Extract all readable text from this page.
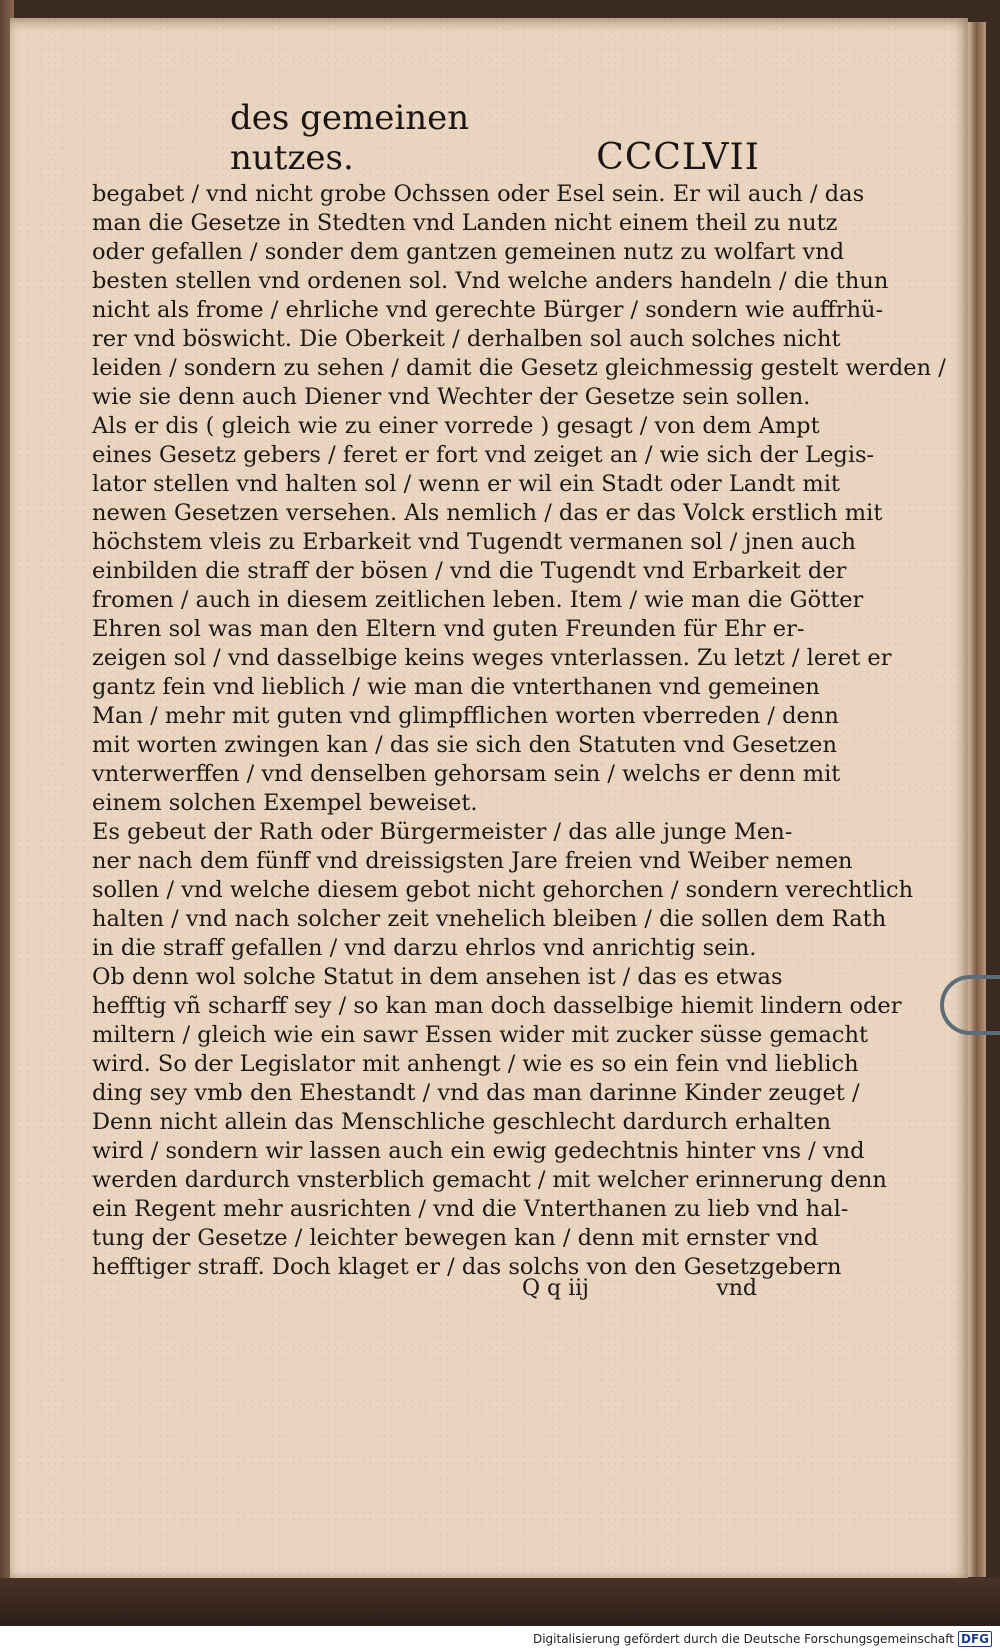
des gemeinen nutzes.	CCCLVII
begabet / vnd nicht grobe Ochssen oder Esel sein. Er wil auch / das
man die Gesetze in Stedten vnd Landen nicht einem theil zu nutz
oder gefallen / sonder dem gantzen gemeinen nutz zu wolfart vnd
besten stellen vnd ordenen sol. Vnd welche anders handeln / die thun
nicht als frome / ehrliche vnd gerechte Bürger / sondern wie auffrhü-
rer vnd böswicht. Die Oberkeit / derhalben sol auch solches nicht
leiden / sondern zu sehen / damit die Gesetz gleichmessig gestelt werden /
wie sie denn auch Diener vnd Wechter der Gesetze sein sollen.
Als er dis ( gleich wie zu einer vorrede ) gesagt / von dem Ampt
eines Gesetz gebers / feret er fort vnd zeiget an / wie sich der Legis-
lator stellen vnd halten sol / wenn er wil ein Stadt oder Landt mit
newen Gesetzen versehen. Als nemlich / das er das Volck erstlich mit
höchstem vleis zu Erbarkeit vnd Tugendt vermanen sol / jnen auch
einbilden die straff der bösen / vnd die Tugendt vnd Erbarkeit der
fromen / auch in diesem zeitlichen leben. Item / wie man die Götter
Ehren sol was man den Eltern vnd guten Freunden für Ehr er-
zeigen sol / vnd dasselbige keins weges vnterlassen. Zu letzt / leret er
gantz fein vnd lieblich / wie man die vnterthanen vnd gemeinen
Man / mehr mit guten vnd glimpfflichen worten vberreden / denn
mit worten zwingen kan / das sie sich den Statuten vnd Gesetzen
vnterwerffen / vnd denselben gehorsam sein / welchs er denn mit
einem solchen Exempel beweiset.
Es gebeut der Rath oder Bürgermeister / das alle junge Men-
ner nach dem fünff vnd dreissigsten Jare freien vnd Weiber nemen
sollen / vnd welche diesem gebot nicht gehorchen / sondern verechtlich
halten / vnd nach solcher zeit vnehelich bleiben / die sollen dem Rath
in die straff gefallen / vnd darzu ehrlos vnd anrichtig sein.
Ob denn wol solche Statut in dem ansehen ist / das es etwas
hefftig vñ scharff sey / so kan man doch dasselbige hiemit lindern oder
miltern / gleich wie ein sawr Essen wider mit zucker süsse gemacht
wird. So der Legislator mit anhengt / wie es so ein fein vnd lieblich
ding sey vmb den Ehestandt / vnd das man darinne Kinder zeuget /
Denn nicht allein das Menschliche geschlecht dardurch erhalten
wird / sondern wir lassen auch ein ewig gedechtnis hinter vns / vnd
werden dardurch vnsterblich gemacht / mit welcher erinnerung denn
ein Regent mehr ausrichten / vnd die Vnterthanen zu lieb vnd hal-
tung der Gesetze / leichter bewegen kan / denn mit ernster vnd
hefftiger straff. Doch klaget er / das solchs von den Gesetzgebern
Q q iij	vnd
Digitalisierung gefördert durch die Deutsche Forschungsgemeinschaft DFG
